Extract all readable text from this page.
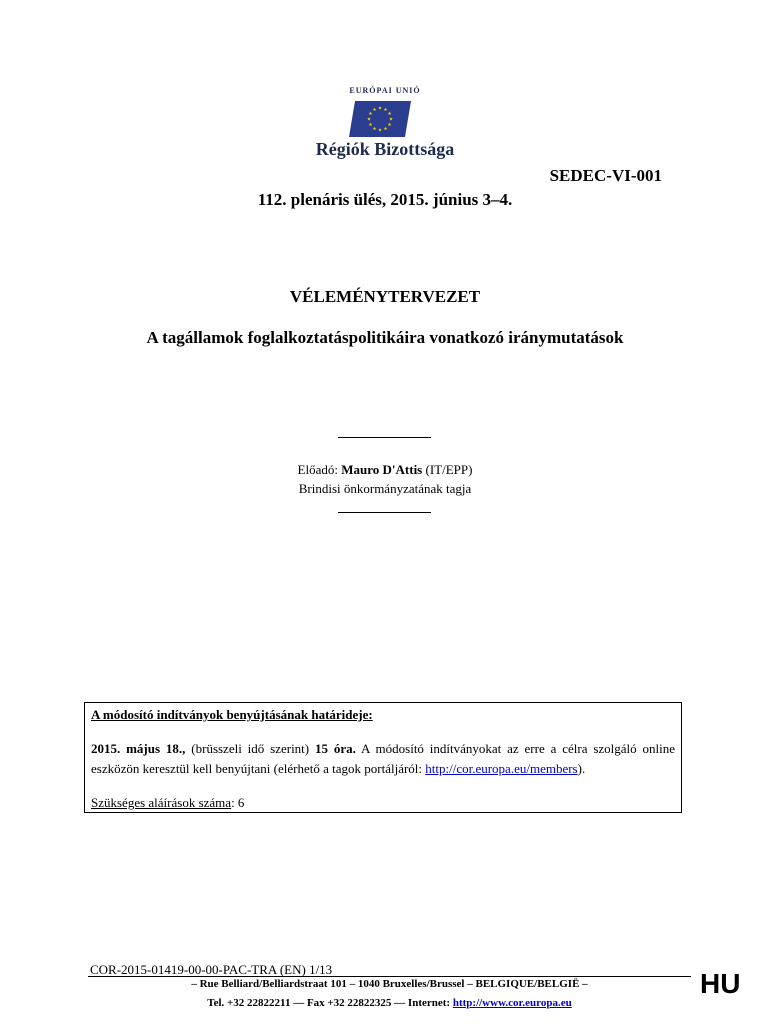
EURÓPAI UNIÓ
Régiók Bizottsága
SEDEC-VI-001
112. plenáris ülés, 2015. június 3–4.
VÉLEMÉNYTERVEZET
A tagállamok foglalkoztatáspolitikáira vonatkozó iránymutatások
Előadó: Mauro D'Attis (IT/EPP)
Brindisi önkormányzatának tagja

A módosító indítványok benyújtásának határideje:

2015. május 18., (brüsszeli idő szerint) 15 óra. A módosító indítványokat az erre a célra szolgáló online eszközön keresztül kell benyújtani (elérhető a tagok portáljáról: http://cor.europa.eu/members).

Szükséges aláírások száma: 6

COR-2015-01419-00-00-PAC-TRA (EN) 1/13
– Rue Belliard/Belliardstraat 101 – 1040 Bruxelles/Brussel – BELGIQUE/BELGIË –
Tel. +32 22822211 — Fax +32 22822325 — Internet: http://www.cor.europa.eu
HU
